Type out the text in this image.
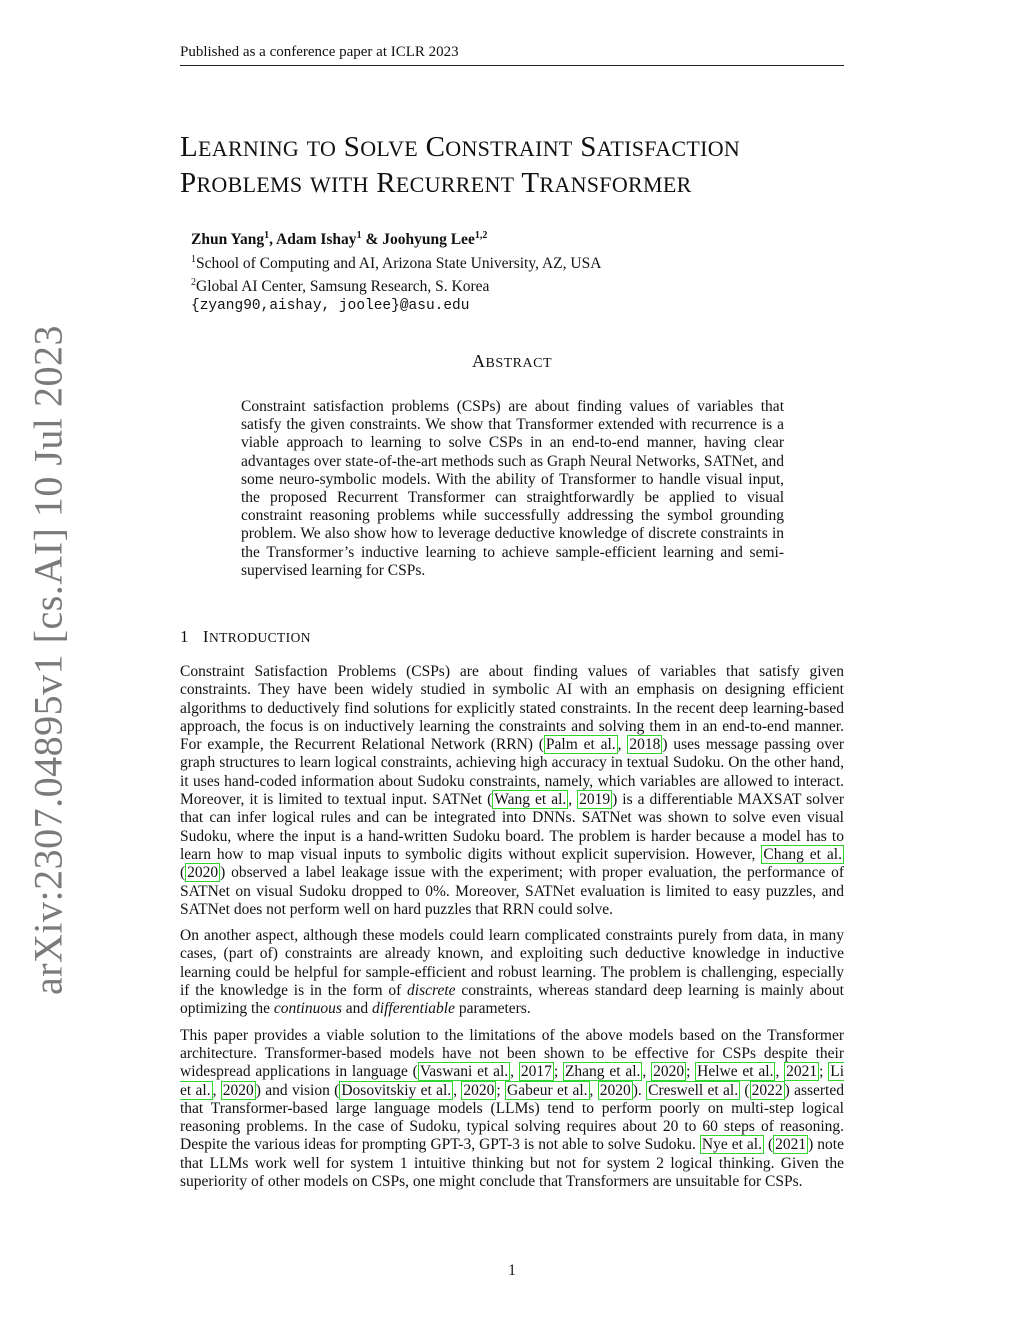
Published as a conference paper at ICLR 2023
LEARNING TO SOLVE CONSTRAINT SATISFACTION
PROBLEMS WITH RECURRENT TRANSFORMER
Zhun Yang$^1$, Adam Ishay$^1$ & Joohyung Lee$^{1,2}$
$^1$School of Computing and AI, Arizona State University, AZ, USA
$^2$Global AI Center, Samsung Research, S. Korea
{zyang90,aishay, joolee}@asu.edu
ABSTRACT

Constraint satisfaction problems (CSPs) are about finding values of variables that satisfy the given constraints. We show that Transformer extended with recurrence is a viable approach to learning to solve CSPs in an end-to-end manner, having clear advantages over state-of-the-art methods such as Graph Neural Networks, SATNet, and some neuro-symbolic models. With the ability of Transformer to handle visual input, the proposed Recurrent Transformer can straightforwardly be applied to visual constraint reasoning problems while successfully addressing the symbol grounding problem. We also show how to leverage deductive knowledge of discrete constraints in the Transformer’s inductive learning to achieve sample-efficient learning and semi-supervised learning for CSPs.

1 INTRODUCTION

Constraint Satisfaction Problems (CSPs) are about finding values of variables that satisfy given constraints. They have been widely studied in symbolic AI with an emphasis on designing efficient algorithms to deductively find solutions for explicitly stated constraints. In the recent deep learning-based approach, the focus is on inductively learning the constraints and solving them in an end-to-end manner. For example, the Recurrent Relational Network (RRN) ( Palm et al. , 2018 ) uses message passing over graph structures to learn logical constraints, achieving high accuracy in textual Sudoku. On the other hand, it uses hand-coded information about Sudoku constraints, namely, which variables are allowed to interact. Moreover, it is limited to textual input. SATNet ( Wang et al. , 2019 ) is a differentiable MAXSAT solver that can infer logical rules and can be integrated into DNNs. SATNet was shown to solve even visual Sudoku, where the input is a hand-written Sudoku board. The problem is harder because a model has to learn how to map visual inputs to symbolic digits without explicit supervision. However, Chang et al. ( 2020 ) observed a label leakage issue with the experiment; with proper evaluation, the performance of SATNet on visual Sudoku dropped to 0%. Moreover, SATNet evaluation is limited to easy puzzles, and SATNet does not perform well on hard puzzles that RRN could solve.

On another aspect, although these models could learn complicated constraints purely from data, in many cases, (part of) constraints are already known, and exploiting such deductive knowledge in inductive learning could be helpful for sample-efficient and robust learning. The problem is challenging, especially if the knowledge is in the form of discrete constraints, whereas standard deep learning is mainly about optimizing the continuous and differentiable parameters.

This paper provides a viable solution to the limitations of the above models based on the Transformer architecture. Transformer-based models have not been shown to be effective for CSPs despite their widespread applications in language ( Vaswani et al. , 2017 ; Zhang et al. , 2020 ; Helwe et al. , 2021 ; Li et al. , 2020 ) and vision ( Dosovitskiy et al. , 2020 ; Gabeur et al. , 2020 ). Creswell et al. ( 2022 ) asserted that Transformer-based large language models (LLMs) tend to perform poorly on multi-step logical reasoning problems. In the case of Sudoku, typical solving requires about 20 to 60 steps of reasoning. Despite the various ideas for prompting GPT-3, GPT-3 is not able to solve Sudoku. Nye et al. ( 2021 ) note that LLMs work well for system 1 intuitive thinking but not for system 2 logical thinking. Given the superiority of other models on CSPs, one might conclude that Transformers are unsuitable for CSPs.

arXiv:2307.04895v1 [cs.AI] 10 Jul 2023
1
